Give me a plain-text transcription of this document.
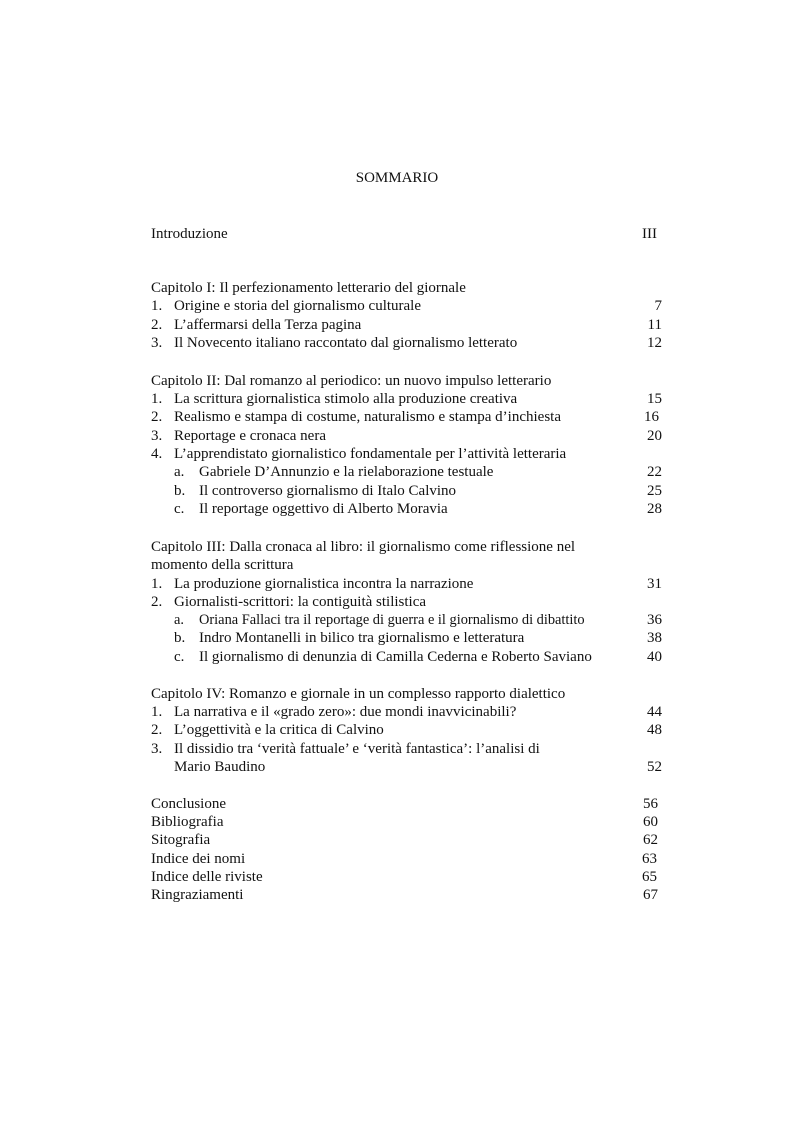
SOMMARIO
Introduzione	III
Capitolo I: Il perfezionamento letterario del giornale
1. Origine e storia del giornalismo culturale	7
2. L’affermarsi della Terza pagina	11
3. Il Novecento italiano raccontato dal giornalismo letterato	12
Capitolo II: Dal romanzo al periodico: un nuovo impulso letterario
1. La scrittura giornalistica stimolo alla produzione creativa	15
2. Realismo e stampa di costume, naturalismo e stampa d’inchiesta	16
3. Reportage e cronaca nera	20
4. L’apprendistato giornalistico fondamentale per l’attività letteraria
a. Gabriele D’Annunzio e la rielaborazione testuale	22
b. Il controverso giornalismo di Italo Calvino	25
c. Il reportage oggettivo di Alberto Moravia	28
Capitolo III: Dalla cronaca al libro: il giornalismo come riflessione nel
momento della scrittura
1. La produzione giornalistica incontra la narrazione	31
2. Giornalisti-scrittori: la contiguità stilistica
a. Oriana Fallaci tra il reportage di guerra e il giornalismo di dibattito	36
b. Indro Montanelli in bilico tra giornalismo e letteratura	38
c. Il giornalismo di denunzia di Camilla Cederna e Roberto Saviano	40
Capitolo IV: Romanzo e giornale in un complesso rapporto dialettico
1. La narrativa e il «grado zero»: due mondi inavvicinabili?	44
2. L’oggettività e la critica di Calvino	48
3. Il dissidio tra ‘verità fattuale’ e ‘verità fantastica’: l’analisi di
Mario Baudino	52
Conclusione	56
Bibliografia	60
Sitografia	62
Indice dei nomi	63
Indice delle riviste	65
Ringraziamenti	67
